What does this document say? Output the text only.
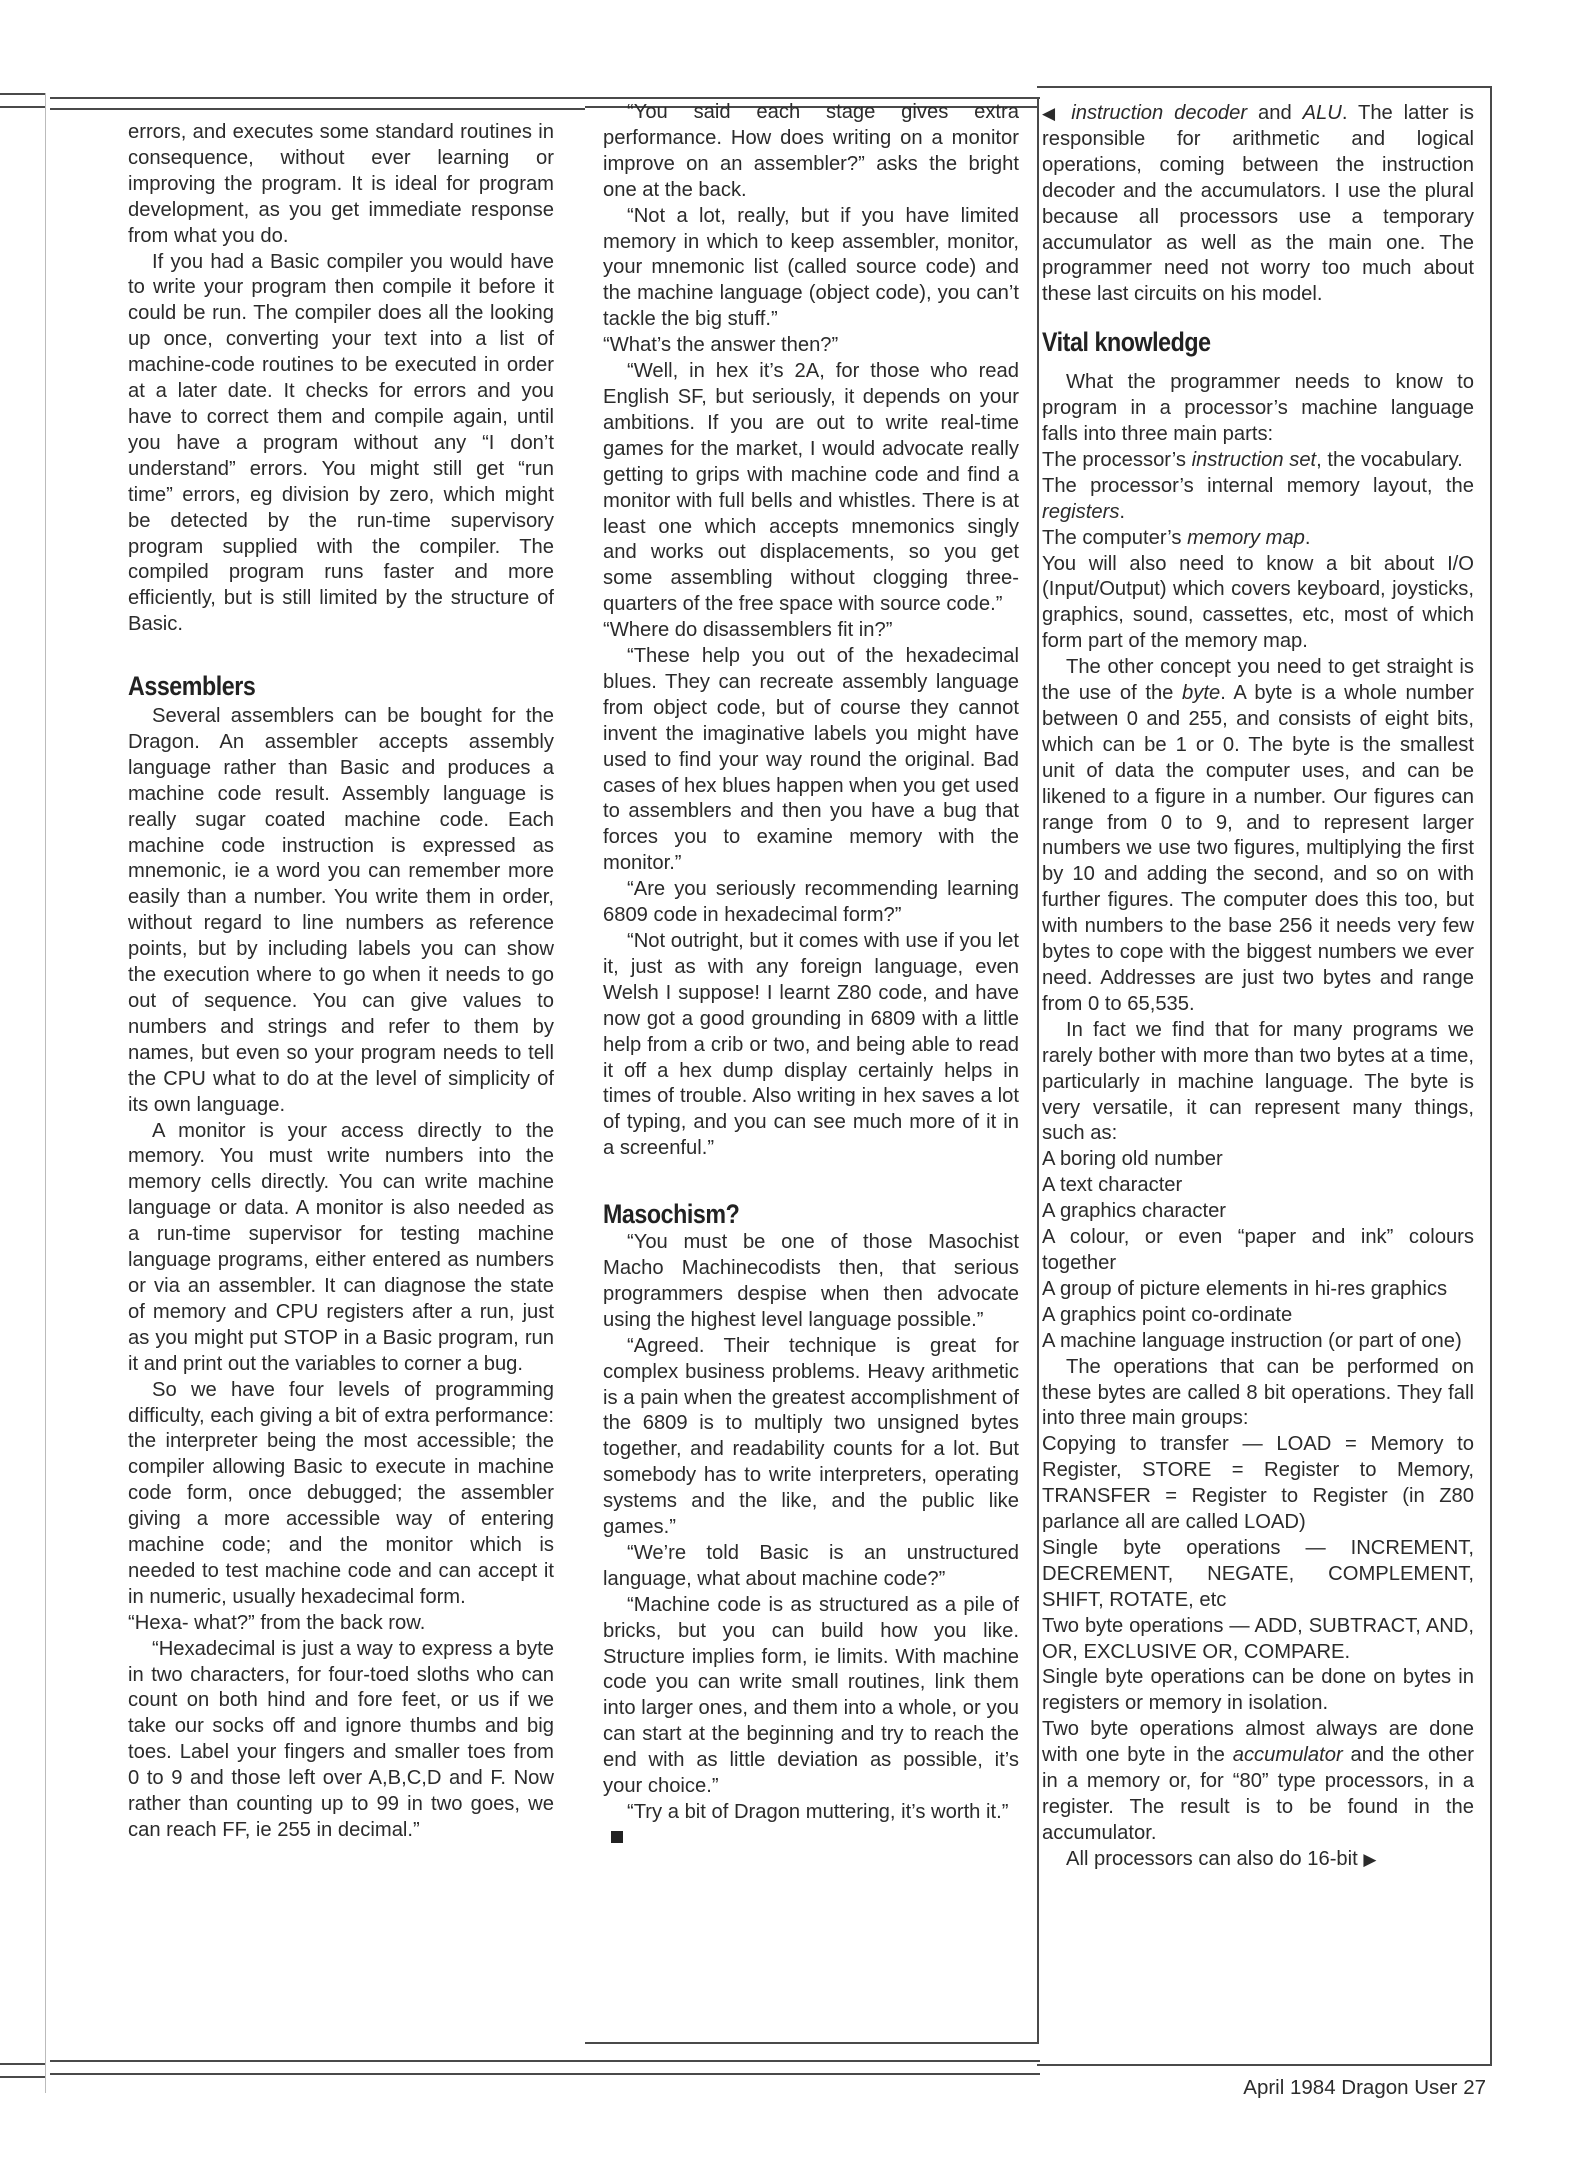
errors, and executes some standard routines in consequence, without ever learning or improving the program. It is ideal for program development, as you get immediate response from what you do.

If you had a Basic compiler you would have to write your program then compile it before it could be run. The compiler does all the looking up once, converting your text into a list of machine-code routines to be executed in order at a later date. It checks for errors and you have to correct them and compile again, until you have a program without any “I don’t understand” errors. You might still get “run time” errors, eg division by zero, which might be detected by the run-time supervisory program supplied with the compiler. The compiled program runs faster and more efficiently, but is still limited by the structure of Basic.

Assemblers

Several assemblers can be bought for the Dragon. An assembler accepts assembly language rather than Basic and produces a machine code result. Assembly language is really sugar coated machine code. Each machine code instruction is expressed as mnemonic, ie a word you can remember more easily than a number. You write them in order, without regard to line numbers as reference points, but by including labels you can show the execution where to go when it needs to go out of sequence. You can give values to numbers and strings and refer to them by names, but even so your program needs to tell the CPU what to do at the level of simplicity of its own language.

A monitor is your access directly to the memory. You must write numbers into the memory cells directly. You can write machine language or data. A monitor is also needed as a run-time supervisor for testing machine language programs, either entered as numbers or via an assembler. It can diagnose the state of memory and CPU registers after a run, just as you might put STOP in a Basic program, run it and print out the variables to corner a bug.

So we have four levels of programming difficulty, each giving a bit of extra performance: the interpreter being the most accessible; the compiler allowing Basic to execute in machine code form, once debugged; the assembler giving a more accessible way of entering machine code; and the monitor which is needed to test machine code and can accept it in numeric, usually hexadecimal form.

“Hexa- what?” from the back row.

“Hexadecimal is just a way to express a byte in two characters, for four-toed sloths who can count on both hind and fore feet, or us if we take our socks off and ignore thumbs and big toes. Label your fingers and smaller toes from 0 to 9 and those left over A,B,C,D and F. Now rather than counting up to 99 in two goes, we can reach FF, ie 255 in decimal.”

“You said each stage gives extra performance. How does writing on a monitor improve on an assembler?” asks the bright one at the back.

“Not a lot, really, but if you have limited memory in which to keep assembler, monitor, your mnemonic list (called source code) and the machine language (object code), you can’t tackle the big stuff.”

“What’s the answer then?”

“Well, in hex it’s 2A, for those who read English SF, but seriously, it depends on your ambitions. If you are out to write real-time games for the market, I would advocate really getting to grips with machine code and find a monitor with full bells and whistles. There is at least one which accepts mnemonics singly and works out displacements, so you get some assembling without clogging three-quarters of the free space with source code.”

“Where do disassemblers fit in?”

“These help you out of the hexadecimal blues. They can recreate assembly language from object code, but of course they cannot invent the imaginative labels you might have used to find your way round the original. Bad cases of hex blues happen when you get used to assemblers and then you have a bug that forces you to examine memory with the monitor.”

“Are you seriously recommending learning 6809 code in hexadecimal form?”

“Not outright, but it comes with use if you let it, just as with any foreign language, even Welsh I suppose! I learnt Z80 code, and have now got a good grounding in 6809 with a little help from a crib or two, and being able to read it off a hex dump display certainly helps in times of trouble. Also writing in hex saves a lot of typing, and you can see much more of it in a screenful.”

Masochism?

“You must be one of those Masochist Macho Machinecodists then, that serious programmers despise when then advocate using the highest level language possible.”

“Agreed. Their technique is great for complex business problems. Heavy arithmetic is a pain when the greatest accomplishment of the 6809 is to multiply two unsigned bytes together, and readability counts for a lot. But somebody has to write interpreters, operating systems and the like, and the public like games.”

“We’re told Basic is an unstructured language, what about machine code?”

“Machine code is as structured as a pile of bricks, but you can build how you like. Structure implies form, ie limits. With machine code you can write small routines, link them into larger ones, and them into a whole, or you can start at the beginning and try to reach the end with as little deviation as possible, it’s your choice.”

“Try a bit of Dragon muttering, it’s worth it.”

◀ instruction decoder and ALU. The latter is responsible for arithmetic and logical operations, coming between the instruction decoder and the accumulators. I use the plural because all processors use a temporary accumulator as well as the main one. The programmer need not worry too much about these last circuits on his model.

Vital knowledge

What the programmer needs to know to program in a processor’s machine language falls into three main parts:

The processor’s instruction set, the vocabulary.

The processor’s internal memory layout, the registers.

The computer’s memory map.

You will also need to know a bit about I/O (Input/Output) which covers keyboard, joysticks, graphics, sound, cassettes, etc, most of which form part of the memory map.

The other concept you need to get straight is the use of the byte. A byte is a whole number between 0 and 255, and consists of eight bits, which can be 1 or 0. The byte is the smallest unit of data the computer uses, and can be likened to a figure in a number. Our figures can range from 0 to 9, and to represent larger numbers we use two figures, multiplying the first by 10 and adding the second, and so on with further figures. The computer does this too, but with numbers to the base 256 it needs very few bytes to cope with the biggest numbers we ever need. Addresses are just two bytes and range from 0 to 65,535.

In fact we find that for many programs we rarely bother with more than two bytes at a time, particularly in machine language. The byte is very versatile, it can represent many things, such as:

A boring old number

A text character

A graphics character

A colour, or even “paper and ink” colours together

A group of picture elements in hi-res graphics

A graphics point co-ordinate

A machine language instruction (or part of one)

The operations that can be performed on these bytes are called 8 bit operations. They fall into three main groups:

Copying to transfer — LOAD = Memory to Register, STORE = Register to Memory, TRANSFER = Register to Register (in Z80 parlance all are called LOAD)

Single byte operations — INCREMENT, DECREMENT, NEGATE, COMPLEMENT, SHIFT, ROTATE, etc

Two byte operations — ADD, SUBTRACT, AND, OR, EXCLUSIVE OR, COMPARE.

Single byte operations can be done on bytes in registers or memory in isolation.

Two byte operations almost always are done with one byte in the accumulator and the other in a memory or, for “80” type processors, in a register. The result is to be found in the accumulator.

All processors can also do 16-bit ▶

April 1984 Dragon User 27
